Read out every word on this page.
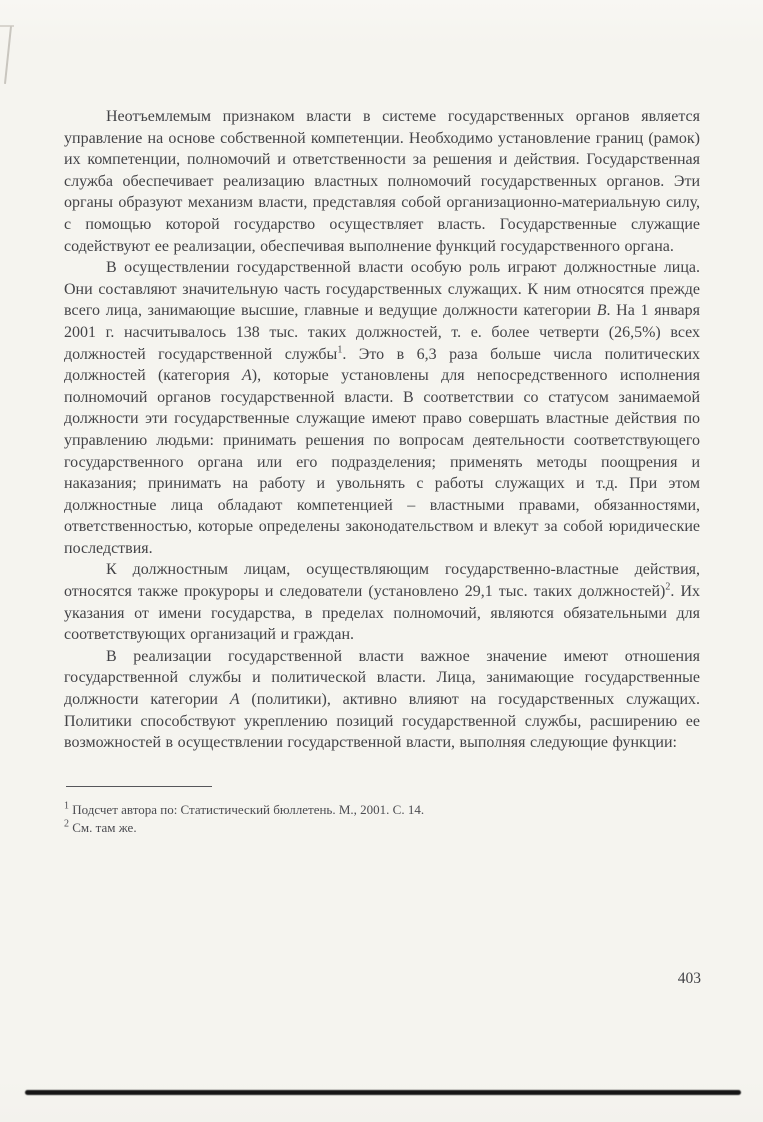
Неотъемлемым признаком власти в системе государственных органов является управление на основе собственной компетенции. Необходимо установление границ (рамок) их компетенции, полномочий и ответственности за решения и действия. Государственная служба обеспечивает реализацию властных полномочий государственных органов. Эти органы образуют механизм власти, представляя собой организационно-материальную силу, с помощью которой государство осуществляет власть. Государственные служащие содействуют ее реализации, обеспечивая выполнение функций государственного органа.

В осуществлении государственной власти особую роль играют должностные лица. Они составляют значительную часть государственных служащих. К ним относятся прежде всего лица, занимающие высшие, главные и ведущие должности категории В. На 1 января 2001 г. насчитывалось 138 тыс. таких должностей, т. е. более четверти (26,5%) всех должностей государственной службы$^1$. Это в 6,3 раза больше числа политических должностей (категория А), которые установлены для непосредственного исполнения полномочий органов государственной власти. В соответствии со статусом занимаемой должности эти государственные служащие имеют право совершать властные действия по управлению людьми: принимать решения по вопросам деятельности соответствующего государственного органа или его подразделения; применять методы поощрения и наказания; принимать на работу и увольнять с работы служащих и т.д. При этом должностные лица обладают компетенцией – властными правами, обязанностями, ответственностью, которые определены законодательством и влекут за собой юридические последствия.

К должностным лицам, осуществляющим государственно-властные действия, относятся также прокуроры и следователи (установлено 29,1 тыс. таких должностей)$^2$. Их указания от имени государства, в пределах полномочий, являются обязательными для соответствующих организаций и граждан.

В реализации государственной власти важное значение имеют отношения государственной службы и политической власти. Лица, занимающие государственные должности категории А (политики), активно влияют на государственных служащих. Политики способствуют укреплению позиций государственной службы, расширению ее возможностей в осуществлении государственной власти, выполняя следующие функции:

$^1$ Подсчет автора по: Статистический бюллетень. М., 2001. С. 14.
$^2$ См. там же.
403
